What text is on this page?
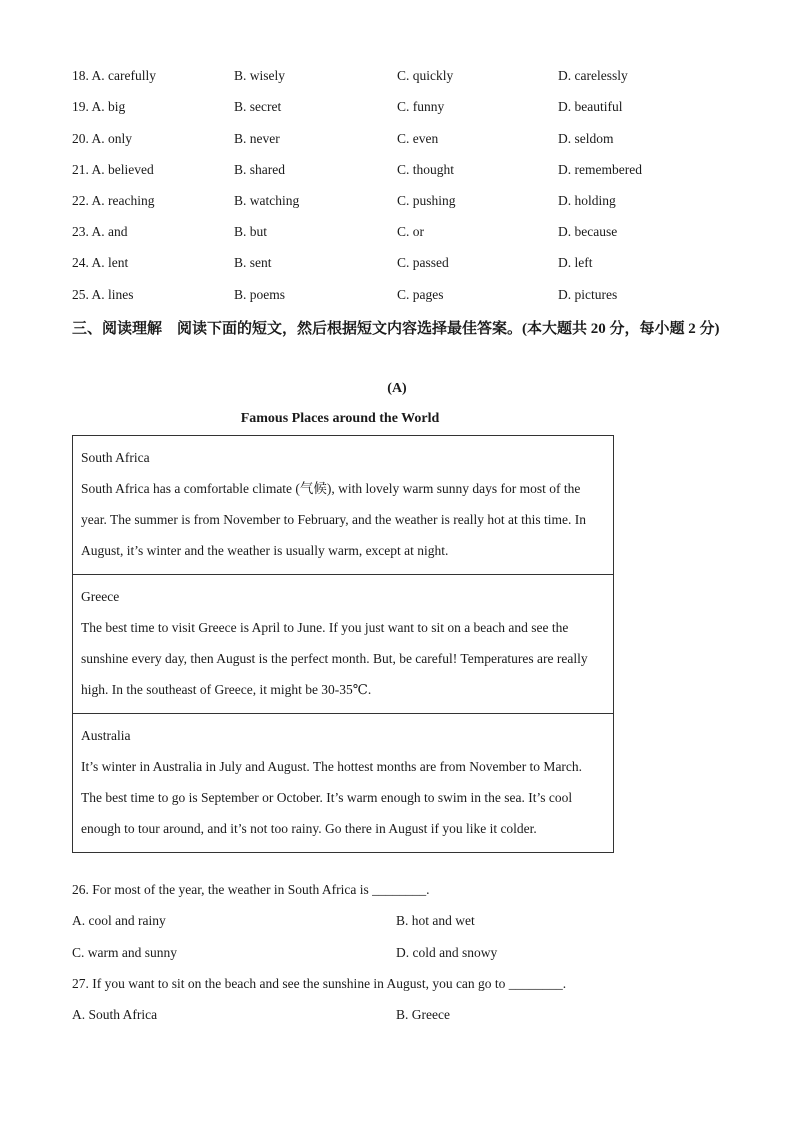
18. A. carefully	B. wisely	C. quickly	D. carelessly
19. A. big	B. secret	C. funny	D. beautiful
20. A. only	B. never	C. even	D. seldom
21. A. believed	B. shared	C. thought	D. remembered
22. A. reaching	B. watching	C. pushing	D. holding
23. A. and	B. but	C. or	D. because
24. A. lent	B. sent	C. passed	D. left
25. A. lines	B. poems	C. pages	D. pictures
三、阅读理解　阅读下面的短文，然后根据短文内容选择最佳答案。(本大题共 20 分，每小题 2 分)
(A)
Famous Places around the World
South Africa
South Africa has a comfortable climate (气候), with lovely warm sunny days for most of the year. The summer is from November to February, and the weather is really hot at this time. In August, it’s winter and the weather is usually warm, except at night.
Greece
The best time to visit Greece is April to June. If you just want to sit on a beach and see the sunshine every day, then August is the perfect month. But, be careful! Temperatures are really high. In the southeast of Greece, it might be 30-35℃.
Australia
It’s winter in Australia in July and August. The hottest months are from November to March. The best time to go is September or October. It’s warm enough to swim in the sea. It’s cool enough to tour around, and it’s not too rainy. Go there in August if you like it colder.
26. For most of the year, the weather in South Africa is ________.
A. cool and rainy	B. hot and wet
C. warm and sunny	D. cold and snowy
27. If you want to sit on the beach and see the sunshine in August, you can go to ________.
A. South Africa	B. Greece
